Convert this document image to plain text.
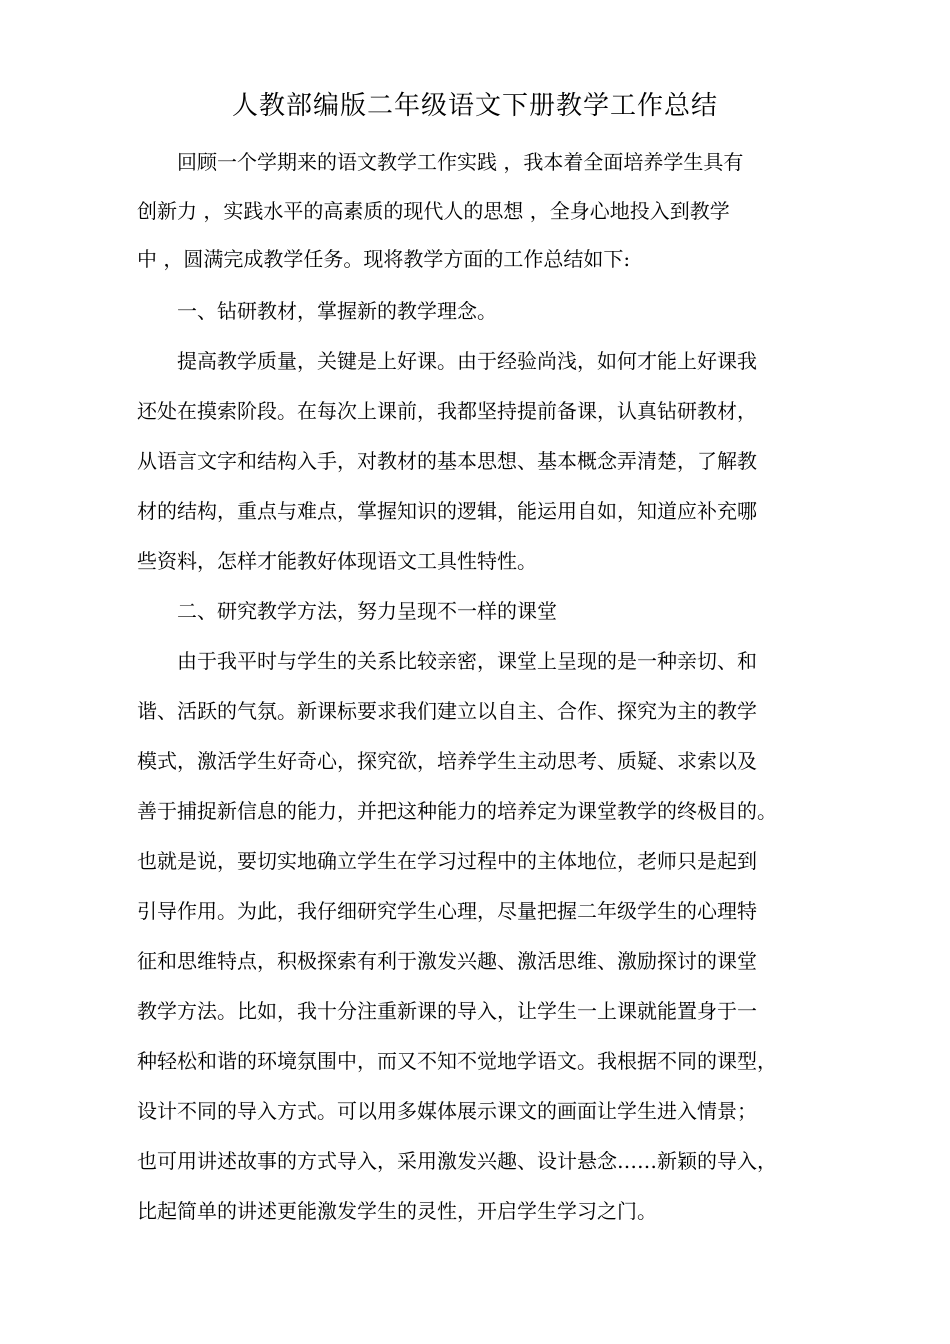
人教部编版二年级语文下册教学工作总结

　　回顾一个学期来的语文教学工作实践 ，我本着全面培养学生具有

创新力 ，实践水平的高素质的现代人的思想 ，全身心地投入到教学

中 ，圆满完成教学任务。现将教学方面的工作总结如下:

　　一、钻研教材，掌握新的教学理念。

　　提高教学质量，关键是上好课。由于经验尚浅，如何才能上好课我

还处在摸索阶段。在每次上课前，我都坚持提前备课，认真钻研教材，

从语言文字和结构入手，对教材的基本思想、基本概念弄清楚，了解教

材的结构，重点与难点，掌握知识的逻辑，能运用自如，知道应补充哪

些资料，怎样才能教好体现语文工具性特性。

　　二、研究教学方法，努力呈现不一样的课堂

　　由于我平时与学生的关系比较亲密，课堂上呈现的是一种亲切、和

谐、活跃的气氛。新课标要求我们建立以自主、合作、探究为主的教学

模式，激活学生好奇心，探究欲，培养学生主动思考、质疑、求索以及

善于捕捉新信息的能力，并把这种能力的培养定为课堂教学的终极目的。

也就是说，要切实地确立学生在学习过程中的主体地位，老师只是起到

引导作用。为此，我仔细研究学生心理，尽量把握二年级学生的心理特

征和思维特点，积极探索有利于激发兴趣、激活思维、激励探讨的课堂

教学方法。比如，我十分注重新课的导入，让学生一上课就能置身于一

种轻松和谐的环境氛围中，而又不知不觉地学语文。我根据不同的课型，

设计不同的导入方式。可以用多媒体展示课文的画面让学生进入情景；

也可用讲述故事的方式导入，采用激发兴趣、设计悬念……新颖的导入，

比起简单的讲述更能激发学生的灵性，开启学生学习之门。
